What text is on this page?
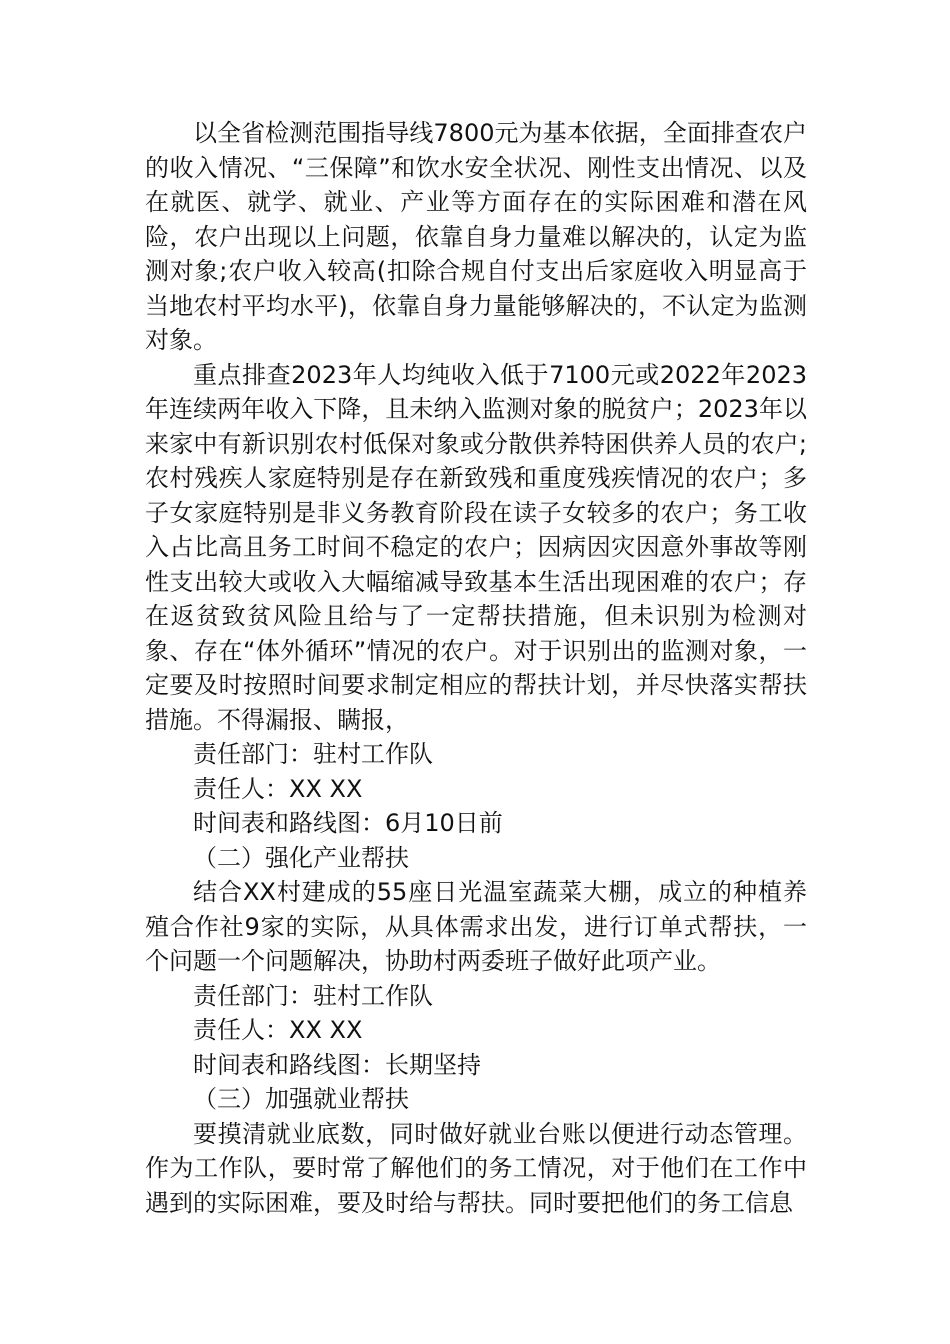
以全省检测范围指导线7800元为基本依据，全面排查农户的收入情况、“三保障”和饮水安全状况、刚性支出情况、以及在就医、就学、就业、产业等方面存在的实际困难和潜在风险，农户出现以上问题，依靠自身力量难以解决的，认定为监测对象;农户收入较高(扣除合规自付支出后家庭收入明显高于当地农村平均水平)，依靠自身力量能够解决的，不认定为监测对象。

重点排查2023年人均纯收入低于7100元或2022年2023年连续两年收入下降，且未纳入监测对象的脱贫户；2023年以来家中有新识别农村低保对象或分散供养特困供养人员的农户;农村残疾人家庭特别是存在新致残和重度残疾情况的农户；多子女家庭特别是非义务教育阶段在读子女较多的农户；务工收入占比高且务工时间不稳定的农户；因病因灾因意外事故等刚性支出较大或收入大幅缩减导致基本生活出现困难的农户；存在返贫致贫风险且给与了一定帮扶措施，但未识别为检测对象、存在“体外循环”情况的农户。对于识别出的监测对象，一定要及时按照时间要求制定相应的帮扶计划，并尽快落实帮扶措施。不得漏报、瞒报，

责任部门：驻村工作队

责任人：XX XX

时间表和路线图：6月10日前

（二）强化产业帮扶

结合XX村建成的55座日光温室蔬菜大棚，成立的种植养殖合作社9家的实际，从具体需求出发，进行订单式帮扶，一个问题一个问题解决，协助村两委班子做好此项产业。

责任部门：驻村工作队

责任人：XX XX

时间表和路线图：长期坚持

（三）加强就业帮扶

要摸清就业底数，同时做好就业台账以便进行动态管理。作为工作队，要时常了解他们的务工情况，对于他们在工作中遇到的实际困难，要及时给与帮扶。同时要把他们的务工信息
